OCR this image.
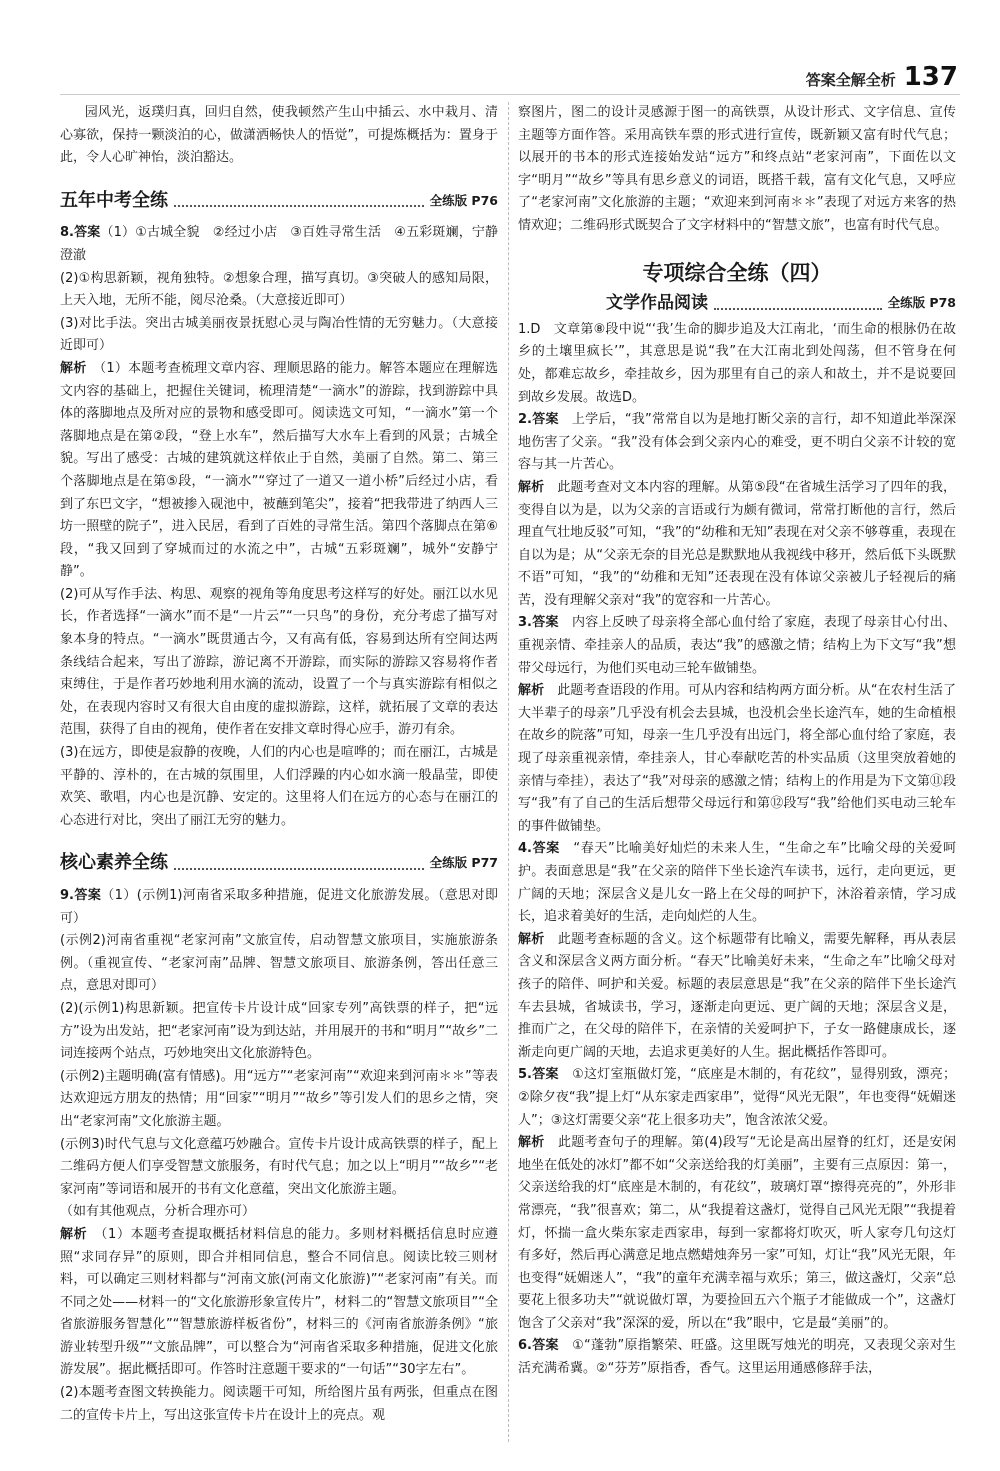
答案全解全析 137

园风光，返璞归真，回归自然，使我顿然产生山中插云、水中栽月、清心寡欲，保持一颗淡泊的心，做潇洒畅快人的悟觉”，可提炼概括为：置身于此，令人心旷神怡，淡泊豁达。

五年中考全练	全练版 P76

8.答案（1）①古城全貌　②经过小店　③百姓寻常生活　④五彩斑斓，宁静澄澈

(2)①构思新颖，视角独特。②想象合理，描写真切。③突破人的感知局限，上天入地，无所不能，阅尽沧桑。（大意接近即可）

(3)对比手法。突出古城美丽夜景抚慰心灵与陶冶性情的无穷魅力。（大意接近即可）

解析　 （1）本题考查梳理文章内容、理顺思路的能力。解答本题应在理解选文内容的基础上，把握住关键词，梳理清楚“一滴水”的游踪，找到游踪中具体的落脚地点及所对应的景物和感受即可。阅读选文可知，“一滴水”第一个落脚地点是在第②段，“登上水车”，然后描写大水车上看到的风景；古城全貌。写出了感受：古城的建筑就这样依止于自然，美丽了自然。第二、第三个落脚地点是在第⑤段，“一滴水”“穿过了一道又一道小桥”后经过小店，看到了东巴文字，“想被掺入砚池中，被蘸到笔尖”，接着“把我带进了纳西人三坊一照壁的院子”，进入民居，看到了百姓的寻常生活。第四个落脚点在第⑥段，“我又回到了穿城而过的水流之中”，古城“五彩斑斓”，城外“安静宁静”。

(2)可从写作手法、构思、观察的视角等角度思考这样写的好处。丽江以水见长，作者选择“一滴水”而不是“一片云”“一只鸟”的身份，充分考虑了描写对象本身的特点。“一滴水”既贯通古今，又有高有低，容易到达所有空间达两条线结合起来，写出了游踪，游记离不开游踪，而实际的游踪又容易将作者束缚住，于是作者巧妙地利用水滴的流动，设置了一个与真实游踪有相似之处，在表现内容时又有很大自由度的虚拟游踪，这样，就拓展了文章的表达范围，获得了自由的视角，使作者在安排文章时得心应手，游刃有余。

(3)在远方，即使是寂静的夜晚，人们的内心也是喧哗的；而在丽江，古城是平静的、淳朴的，在古城的氛围里，人们浮躁的内心如水滴一般晶莹，即使欢笑、歌唱，内心也是沉静、安定的。这里将人们在远方的心态与在丽江的心态进行对比，突出了丽江无穷的魅力。

核心素养全练	全练版 P77

9.答案（1）(示例1)河南省采取多种措施，促进文化旅游发展。（意思对即可）

(示例2)河南省重视“老家河南”文旅宣传，启动智慧文旅项目，实施旅游条例。（重视宣传、“老家河南”品牌、智慧文旅项目、旅游条例，答出任意三点，意思对即可）

(2)(示例1)构思新颖。把宣传卡片设计成“回家专列”高铁票的样子，把“远方”设为出发站，把“老家河南”设为到达站，并用展开的书和“明月”“故乡”二词连接两个站点，巧妙地突出文化旅游特色。

(示例2)主题明确(富有情感)。用“远方”“老家河南”“欢迎来到河南＊＊”等表达欢迎远方朋友的热情；用“回家”“明月”“故乡”等引发人们的思乡之情，突出“老家河南”文化旅游主题。

(示例3)时代气息与文化意蕴巧妙融合。宣传卡片设计成高铁票的样子，配上二维码方便人们享受智慧文旅服务，有时代气息；加之以上“明月”“故乡”“老家河南”等词语和展开的书有文化意蕴，突出文化旅游主题。

（如有其他观点，分析合理亦可）

解析　 （1）本题考查提取概括材料信息的能力。多则材料概括信息时应遵照“求同存异”的原则，即合并相同信息，整合不同信息。阅读比较三则材料，可以确定三则材料都与“河南文旅(河南文化旅游)”“老家河南”有关。而不同之处——材料一的“文化旅游形象宣传片”，材料二的“智慧文旅项目”“全省旅游服务智慧化”“智慧旅游样板省份”，材料三的《河南省旅游条例》“旅游业转型升级”“文旅品牌”，可以整合为“河南省采取多种措施，促进文化旅游发展”。据此概括即可。作答时注意题干要求的“一句话”“30字左右”。

(2)本题考查图文转换能力。阅读题干可知，所给图片虽有两张，但重点在图二的宣传卡片上，写出这张宣传卡片在设计上的亮点。观

察图片，图二的设计灵感源于图一的高铁票，从设计形式、文字信息、宣传主题等方面作答。采用高铁车票的形式进行宣传，既新颖又富有时代气息；以展开的书本的形式连接始发站“远方”和终点站“老家河南”，下面佐以文字“明月”“故乡”等具有思乡意义的词语，既搭千载，富有文化气息，又呼应了“老家河南”文化旅游的主题；“欢迎来到河南＊＊”表现了对远方来客的热情欢迎；二维码形式既契合了文字材料中的“智慧文旅”，也富有时代气息。

专项综合全练（四）
文学作品阅读	全练版 P78

1.D　文章第⑧段中说“‘我’生命的脚步追及大江南北，‘而生命的根脉仍在故乡的土壤里疯长’”，其意思是说“我”在大江南北到处闯荡，但不管身在何处，都难忘故乡，牵挂故乡，因为那里有自己的亲人和故土，并不是说要回到故乡发展。故选D。

2.答案　 上学后，“我”常常自以为是地打断父亲的言行，却不知道此举深深地伤害了父亲。“我”没有体会到父亲内心的难受，更不明白父亲不计较的宽容与其一片苦心。

解析　 此题考查对文本内容的理解。从第⑤段“在省城生活学习了四年的我，变得自以为是，以为父亲的言语或行为颇有微词，常常打断他的言行，然后理直气壮地反驳”可知，“我”的“幼稚和无知”表现在对父亲不够尊重，表现在自以为是；从“父亲无奈的目光总是默默地从我视线中移开，然后低下头既默不语”可知，“我”的“幼稚和无知”还表现在没有体谅父亲被儿子轻视后的痛苦，没有理解父亲对“我”的宽容和一片苦心。

3.答案　 内容上反映了母亲将全部心血付给了家庭，表现了母亲甘心付出、重视亲情、牵挂亲人的品质，表达“我”的感激之情；结构上为下文写“我”想带父母远行，为他们买电动三轮车做铺垫。

解析　 此题考查语段的作用。可从内容和结构两方面分析。从“在农村生活了大半辈子的母亲”几乎没有机会去县城，也没机会坐长途汽车，她的生命植根在故乡的院落”可知，母亲一生几乎没有出远门，将全部心血付给了家庭，表现了母亲重视亲情，牵挂亲人，甘心奉献吃苦的朴实品质（这里突放着她的亲情与牵挂），表达了“我”对母亲的感激之情；结构上的作用是为下文第⑪段写“我”有了自己的生活后想带父母远行和第⑫段写“我”给他们买电动三轮车的事件做铺垫。

4.答案　 “春天”比喻美好灿烂的未来人生，“生命之车”比喻父母的关爱呵护。表面意思是“我”在父亲的陪伴下坐长途汽车读书，远行，走向更远，更广阔的天地；深层含义是儿女一路上在父母的呵护下，沐浴着亲情，学习成长，追求着美好的生活，走向灿烂的人生。

解析　 此题考查标题的含义。这个标题带有比喻义，需要先解释，再从表层含义和深层含义两方面分析。“春天”比喻美好未来，“生命之车”比喻父母对孩子的陪伴、呵护和关爱。标题的表层意思是“我”在父亲的陪伴下坐长途汽车去县城，省城读书，学习，逐渐走向更远、更广阔的天地；深层含义是，推而广之，在父母的陪伴下，在亲情的关爱呵护下，子女一路健康成长，逐渐走向更广阔的天地，去追求更美好的人生。据此概括作答即可。

5.答案　 ①这灯室瓶做灯笼，“底座是木制的，有花纹”，显得别致，漂亮；②除夕夜“我”提上灯“从东家走西家串”，觉得“风光无限”，年也变得“妩媚迷人”；③这灯需要父亲“花上很多功夫”，饱含浓浓父爱。

解析　 此题考查句子的理解。第(4)段写“无论是高出屋脊的红灯，还是安闲地坐在低处的冰灯”都不如“父亲送给我的灯美丽”，主要有三点原因：第一，父亲送给我的灯“底座是木制的，有花纹”，玻璃灯罩“擦得亮亮的”，外形非常漂亮，“我”很喜欢；第二，从“我提着这盏灯，觉得自己风光无限”“我提着灯，怀揣一盒火柴东家走西家串，每到一家都将灯吹灭，听人家夸几句这灯有多好，然后再心满意足地点燃蜡烛奔另一家”可知，灯让“我”风光无限，年也变得“妩媚迷人”，“我”的童年充满幸福与欢乐；第三，做这盏灯，父亲“总要花上很多功夫”“就说做灯罩，为要捡回五六个瓶子才能做成一个”，这盏灯饱含了父亲对“我”深深的爱，所以在“我”眼中，它是最“美丽”的。

6.答案　 ①“蓬勃”原指繁荣、旺盛。这里既写烛光的明亮，又表现父亲对生活充满希冀。②“芬芳”原指香，香气。这里运用通感修辞手法，
